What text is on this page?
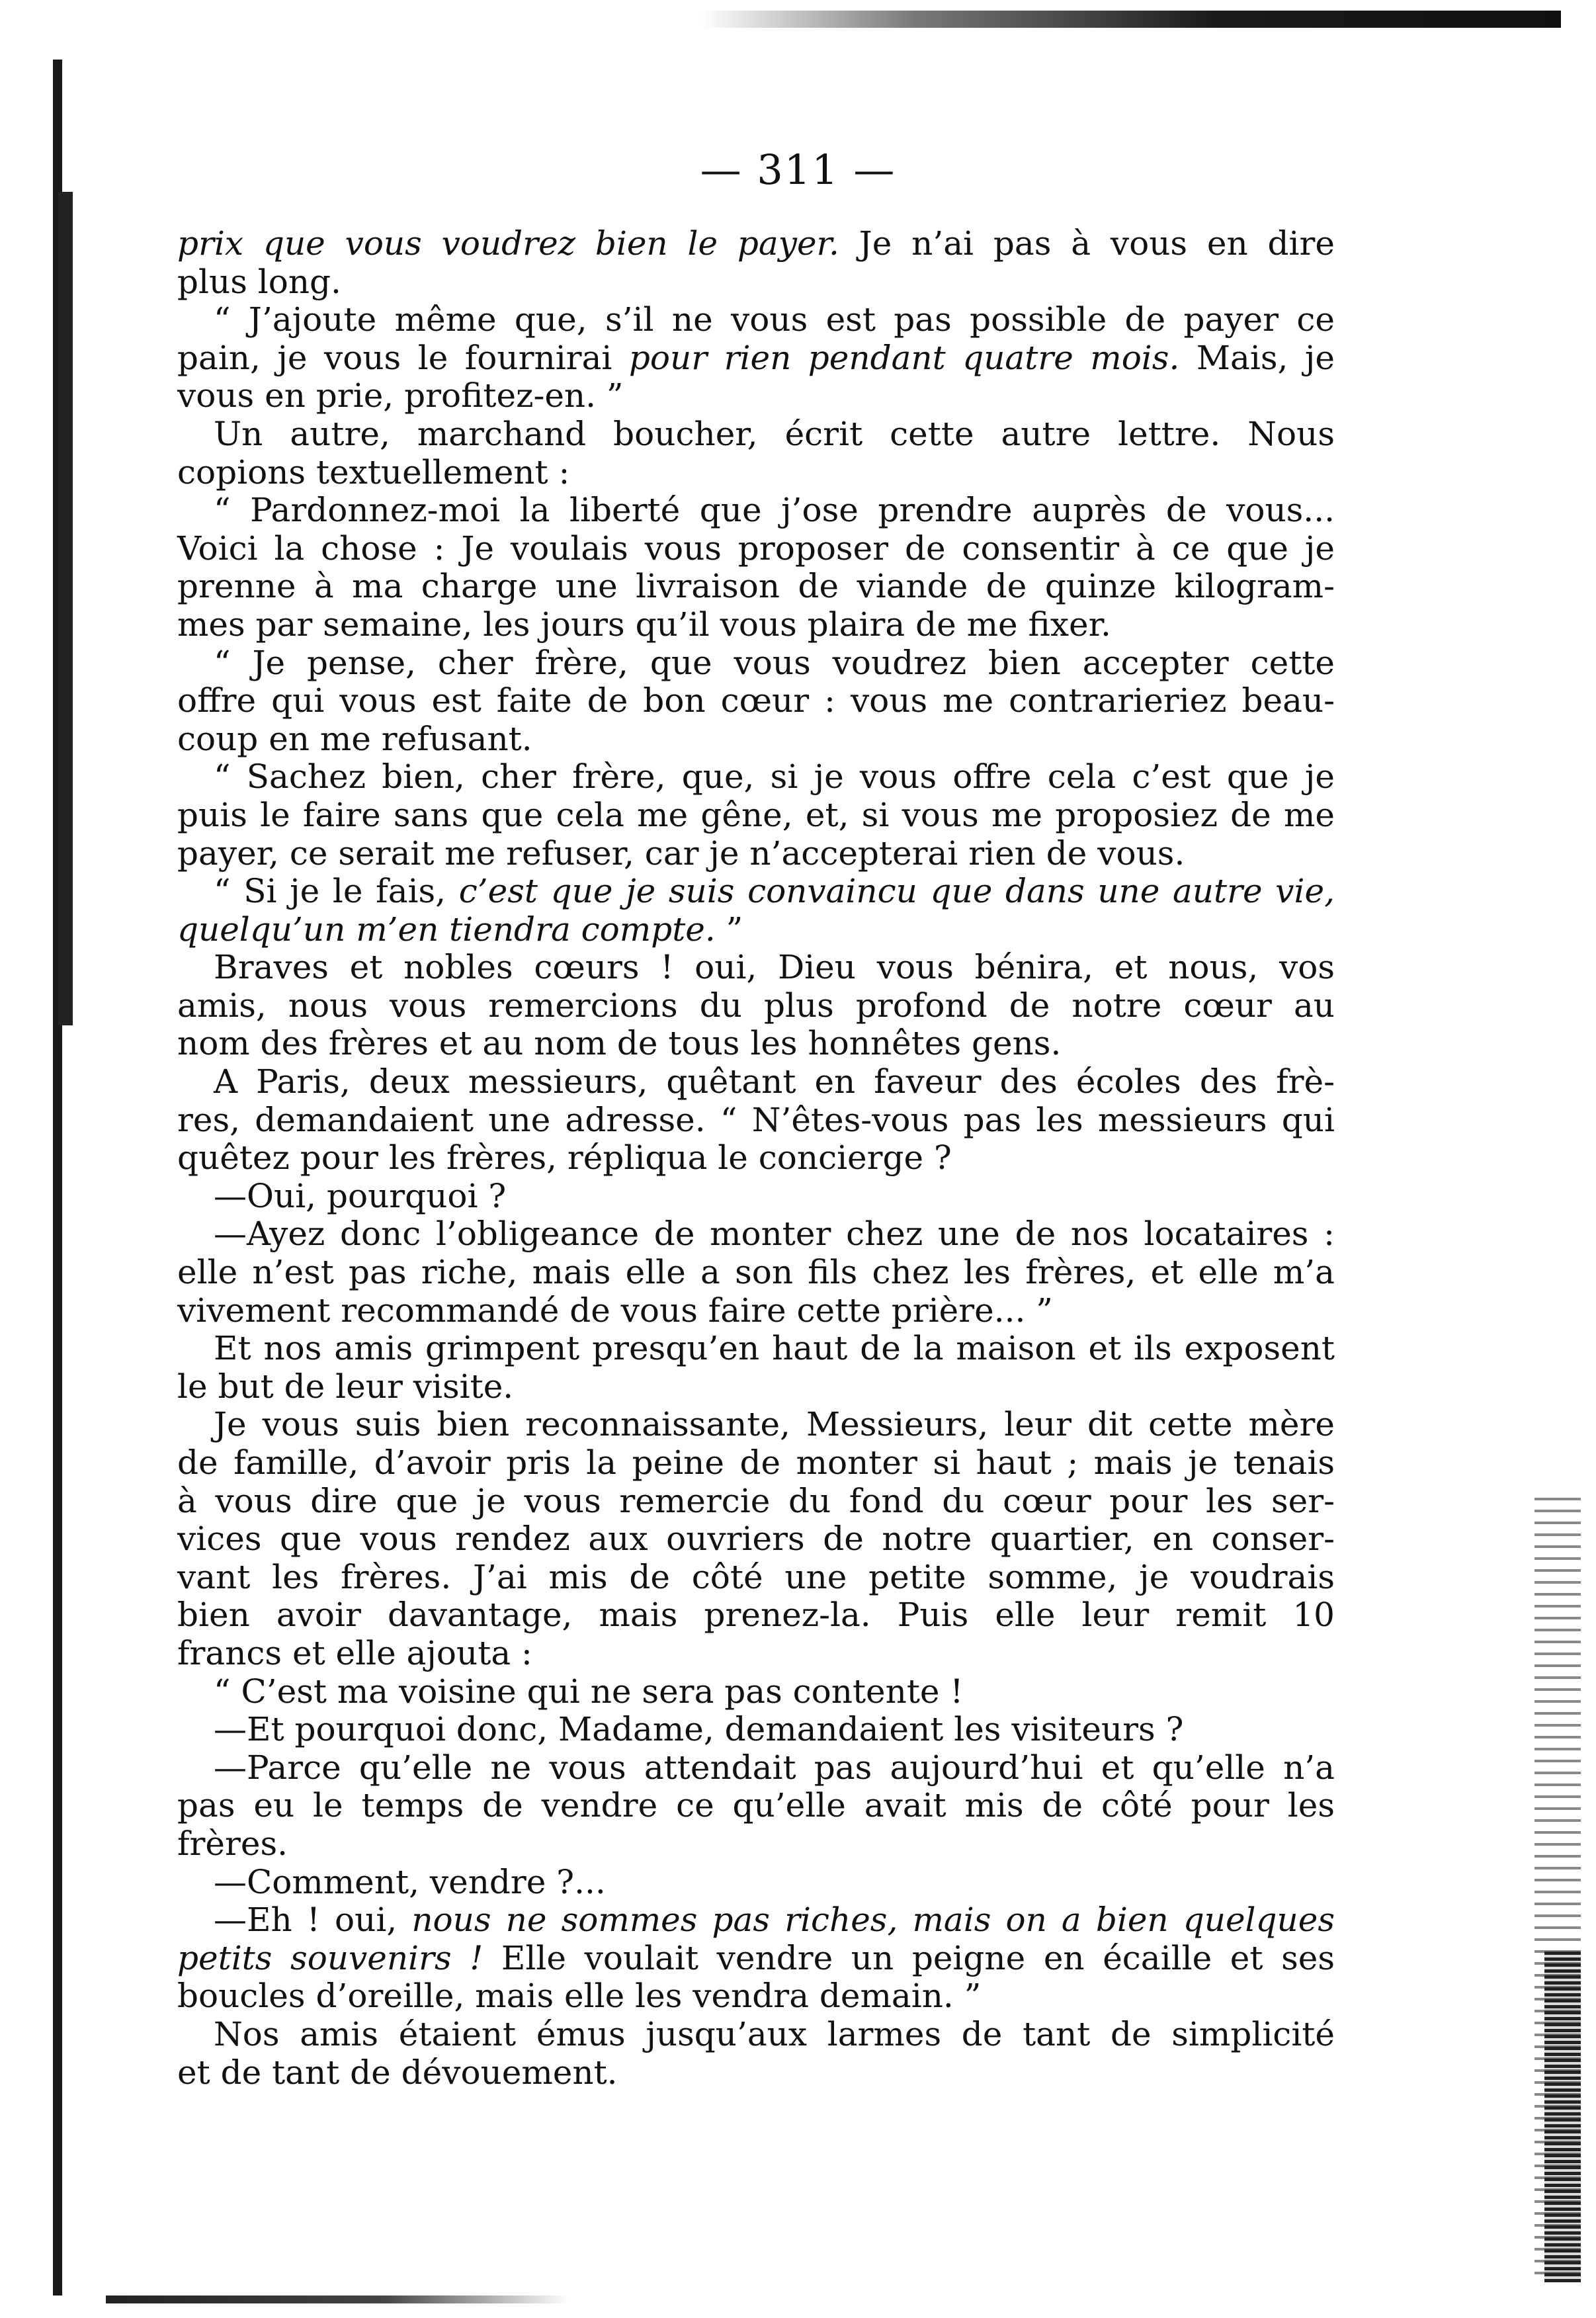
— 311 —
prix que vous voudrez bien le payer. Je n’ai pas à vous en dire
plus long.
“ J’ajoute même que, s’il ne vous est pas possible de payer ce
pain, je vous le fournirai pour rien pendant quatre mois. Mais, je
vous en prie, profitez-en. ”
Un autre, marchand boucher, écrit cette autre lettre. Nous
copions textuellement :
“ Pardonnez-moi la liberté que j’ose prendre auprès de vous...
Voici la chose : Je voulais vous proposer de consentir à ce que je
prenne à ma charge une livraison de viande de quinze kilogram-
mes par semaine, les jours qu’il vous plaira de me fixer.
“ Je pense, cher frère, que vous voudrez bien accepter cette
offre qui vous est faite de bon cœur : vous me contrarieriez beau-
coup en me refusant.
“ Sachez bien, cher frère, que, si je vous offre cela c’est que je
puis le faire sans que cela me gêne, et, si vous me proposiez de me
payer, ce serait me refuser, car je n’accepterai rien de vous.
“ Si je le fais, c’est que je suis convaincu que dans une autre vie,
quelqu’un m’en tiendra compte. ”
Braves et nobles cœurs ! oui, Dieu vous bénira, et nous, vos
amis, nous vous remercions du plus profond de notre cœur au
nom des frères et au nom de tous les honnêtes gens.
A Paris, deux messieurs, quêtant en faveur des écoles des frè-
res, demandaient une adresse. “ N’êtes-vous pas les messieurs qui
quêtez pour les frères, répliqua le concierge ?
—Oui, pourquoi ?
—Ayez donc l’obligeance de monter chez une de nos locataires :
elle n’est pas riche, mais elle a son fils chez les frères, et elle m’a
vivement recommandé de vous faire cette prière... ”
Et nos amis grimpent presqu’en haut de la maison et ils exposent
le but de leur visite.
Je vous suis bien reconnaissante, Messieurs, leur dit cette mère
de famille, d’avoir pris la peine de monter si haut ; mais je tenais
à vous dire que je vous remercie du fond du cœur pour les ser-
vices que vous rendez aux ouvriers de notre quartier, en conser-
vant les frères. J’ai mis de côté une petite somme, je voudrais
bien avoir davantage, mais prenez-la. Puis elle leur remit 10
francs et elle ajouta :
“ C’est ma voisine qui ne sera pas contente !
—Et pourquoi donc, Madame, demandaient les visiteurs ?
—Parce qu’elle ne vous attendait pas aujourd’hui et qu’elle n’a
pas eu le temps de vendre ce qu’elle avait mis de côté pour les
frères.
—Comment, vendre ?...
—Eh ! oui, nous ne sommes pas riches, mais on a bien quelques
petits souvenirs ! Elle voulait vendre un peigne en écaille et ses
boucles d’oreille, mais elle les vendra demain. ”
Nos amis étaient émus jusqu’aux larmes de tant de simplicité
et de tant de dévouement.
